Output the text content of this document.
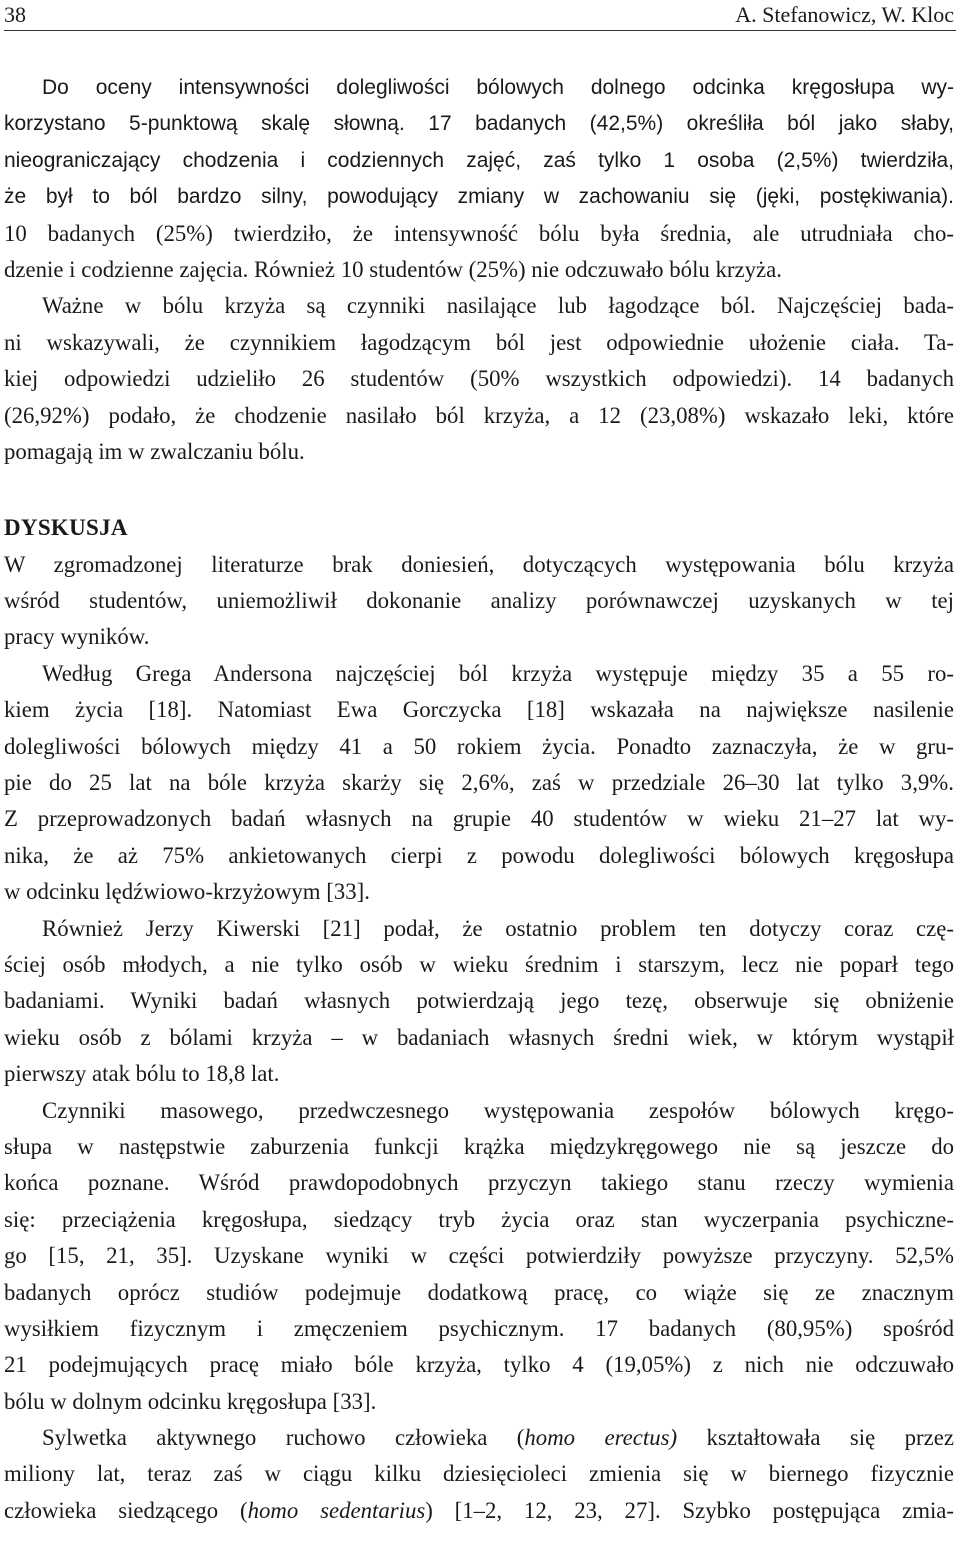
38	A. Stefanowicz, W. Kloc
Do oceny intensywności dolegliwości bólowych dolnego odcinka kręgosłupa wy-
korzystano 5-punktową skalę słowną. 17 badanych (42,5%) określiła ból jako słaby,
nieograniczający chodzenia i codziennych zajęć, zaś tylko 1 osoba (2,5%) twierdziła,
że był to ból bardzo silny, powodujący zmiany w zachowaniu się (jęki, postękiwania).
10 badanych (25%) twierdziło, że intensywność bólu była średnia, ale utrudniała cho-
dzenie i codzienne zajęcia. Również 10 studentów (25%) nie odczuwało bólu krzyża.
Ważne w bólu krzyża są czynniki nasilające lub łagodzące ból. Najczęściej bada-
ni wskazywali, że czynnikiem łagodzącym ból jest odpowiednie ułożenie ciała. Ta-
kiej odpowiedzi udzieliło 26 studentów (50% wszystkich odpowiedzi). 14 badanych
(26,92%) podało, że chodzenie nasilało ból krzyża, a 12 (23,08%) wskazało leki, które
pomagają im w zwalczaniu bólu.
DYSKUSJA
W zgromadzonej literaturze brak doniesień, dotyczących występowania bólu krzyża
wśród studentów, uniemożliwił dokonanie analizy porównawczej uzyskanych w tej
pracy wyników.
Według Grega Andersona najczęściej ból krzyża występuje między 35 a 55 ro-
kiem życia [18]. Natomiast Ewa Gorczycka [18] wskazała na największe nasilenie
dolegliwości bólowych między 41 a 50 rokiem życia. Ponadto zaznaczyła, że w gru-
pie do 25 lat na bóle krzyża skarży się 2,6%, zaś w przedziale 26–30 lat tylko 3,9%.
Z przeprowadzonych badań własnych na grupie 40 studentów w wieku 21–27 lat wy-
nika, że aż 75% ankietowanych cierpi z powodu dolegliwości bólowych kręgosłupa
w odcinku lędźwiowo-krzyżowym [33].
Również Jerzy Kiwerski [21] podał, że ostatnio problem ten dotyczy coraz czę-
ściej osób młodych, a nie tylko osób w wieku średnim i starszym, lecz nie poparł tego
badaniami. Wyniki badań własnych potwierdzają jego tezę, obserwuje się obniżenie
wieku osób z bólami krzyża – w badaniach własnych średni wiek, w którym wystąpił
pierwszy atak bólu to 18,8 lat.
Czynniki masowego, przedwczesnego występowania zespołów bólowych kręgo-
słupa w następstwie zaburzenia funkcji krążka międzykręgowego nie są jeszcze do
końca poznane. Wśród prawdopodobnych przyczyn takiego stanu rzeczy wymienia
się: przeciążenia kręgosłupa, siedzący tryb życia oraz stan wyczerpania psychiczne-
go [15, 21, 35]. Uzyskane wyniki w części potwierdziły powyższe przyczyny. 52,5%
badanych oprócz studiów podejmuje dodatkową pracę, co wiąże się ze znacznym
wysiłkiem fizycznym i zmęczeniem psychicznym. 17 badanych (80,95%) spośród
21 podejmujących pracę miało bóle krzyża, tylko 4 (19,05%) z nich nie odczuwało
bólu w dolnym odcinku kręgosłupa [33].
Sylwetka aktywnego ruchowo człowieka (homo erectus) kształtowała się przez
miliony lat, teraz zaś w ciągu kilku dziesięcioleci zmienia się w biernego fizycznie
człowieka siedzącego (homo sedentarius) [1–2, 12, 23, 27]. Szybko postępująca zmia-
